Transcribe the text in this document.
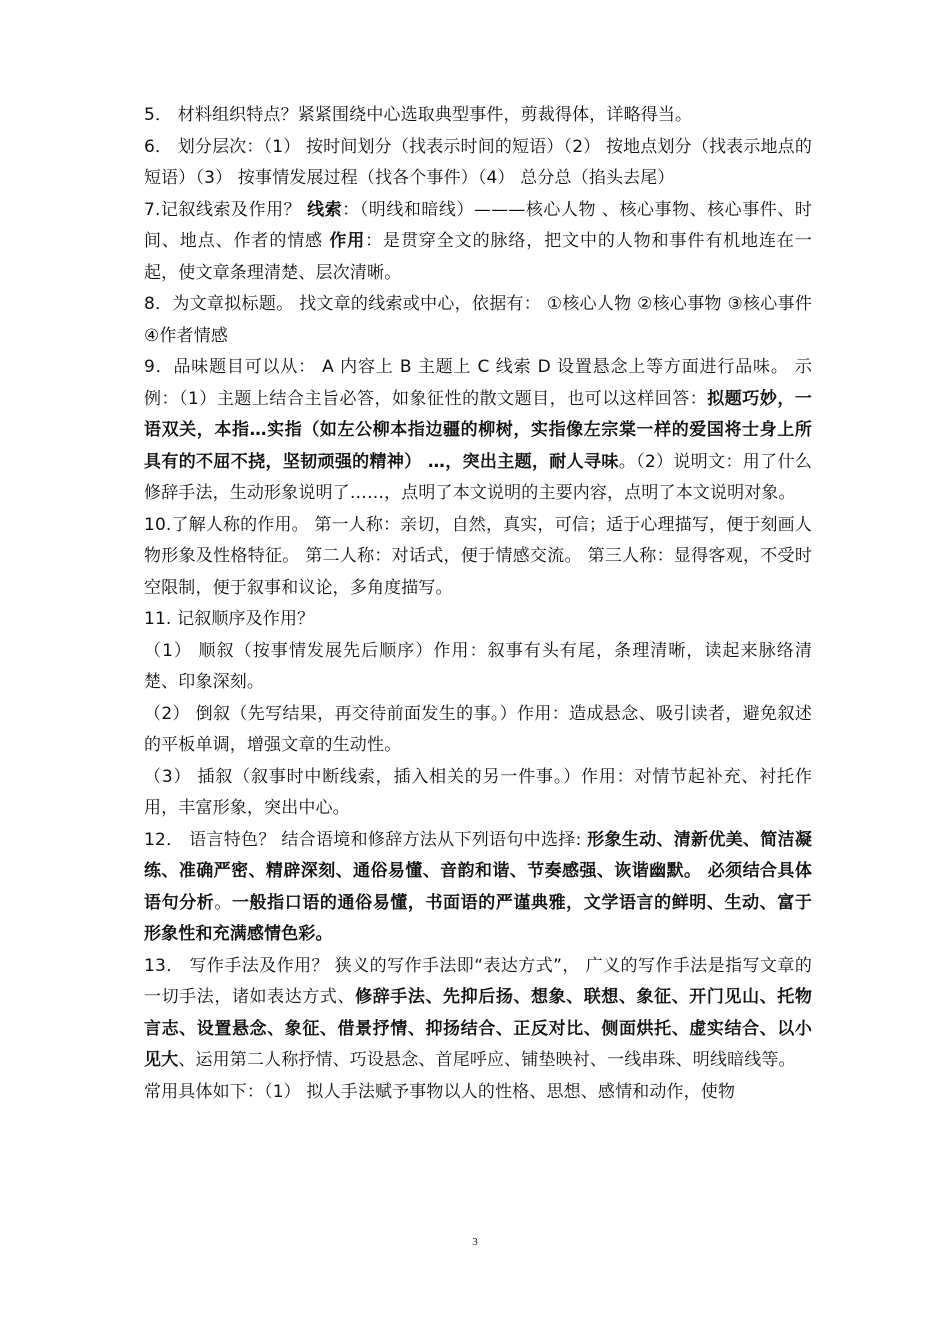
5． 材料组织特点？紧紧围绕中心选取典型事件，剪裁得体，详略得当。

6． 划分层次：（1） 按时间划分（找表示时间的短语）（2） 按地点划分（找表示地点的短语）（3） 按事情发展过程（找各个事件）（4） 总分总（掐头去尾）

7.记叙线索及作用？ 线索：（明线和暗线）———核心人物 、核心事物、核心事件、时间、地点、作者的情感 作用：是贯穿全文的脉络，把文中的人物和事件有机地连在一起，使文章条理清楚、层次清晰。

8．为文章拟标题。 找文章的线索或中心，依据有： ①核心人物 ②核心事物 ③核心事件 ④作者情感

9．品味题目可以从： A 内容上 B 主题上 C 线索 D 设置悬念上等方面进行品味。 示例：（1）主题上结合主旨必答，如象征性的散文题目，也可以这样回答：拟题巧妙，一语双关，本指…实指（如左公柳本指边疆的柳树，实指像左宗棠一样的爱国将士身上所具有的不屈不挠，坚韧顽强的精神） …，突出主题，耐人寻味。（2）说明文：用了什么修辞手法，生动形象说明了……，点明了本文说明的主要内容，点明了本文说明对象。

10.了解人称的作用。 第一人称：亲切，自然，真实，可信；适于心理描写，便于刻画人物形象及性格特征。 第二人称：对话式，便于情感交流。 第三人称：显得客观，不受时空限制，便于叙事和议论，多角度描写。

11. 记叙顺序及作用？

（1） 顺叙（按事情发展先后顺序）作用：叙事有头有尾，条理清晰，读起来脉络清楚、印象深刻。

（2） 倒叙（先写结果，再交待前面发生的事。）作用：造成悬念、吸引读者，避免叙述的平板单调，增强文章的生动性。

（3） 插叙（叙事时中断线索，插入相关的另一件事。）作用：对情节起补充、衬托作用，丰富形象，突出中心。

12． 语言特色？ 结合语境和修辞方法从下列语句中选择: 形象生动、清新优美、简洁凝练、准确严密、精辟深刻、通俗易懂、音韵和谐、节奏感强、诙谐幽默。 必须结合具体语句分析。一般指口语的通俗易懂，书面语的严谨典雅，文学语言的鲜明、生动、富于形象性和充满感情色彩。

13． 写作手法及作用？ 狭义的写作手法即“表达方式”， 广义的写作手法是指写文章的一切手法，诸如表达方式、修辞手法、先抑后扬、想象、联想、象征、开门见山、托物言志、设置悬念、象征、借景抒情、抑扬结合、正反对比、侧面烘托、虚实结合、以小见大、运用第二人称抒情、巧设悬念、首尾呼应、铺垫映衬、一线串珠、明线暗线等。

常用具体如下：（1） 拟人手法赋予事物以人的性格、思想、感情和动作，使物

3
